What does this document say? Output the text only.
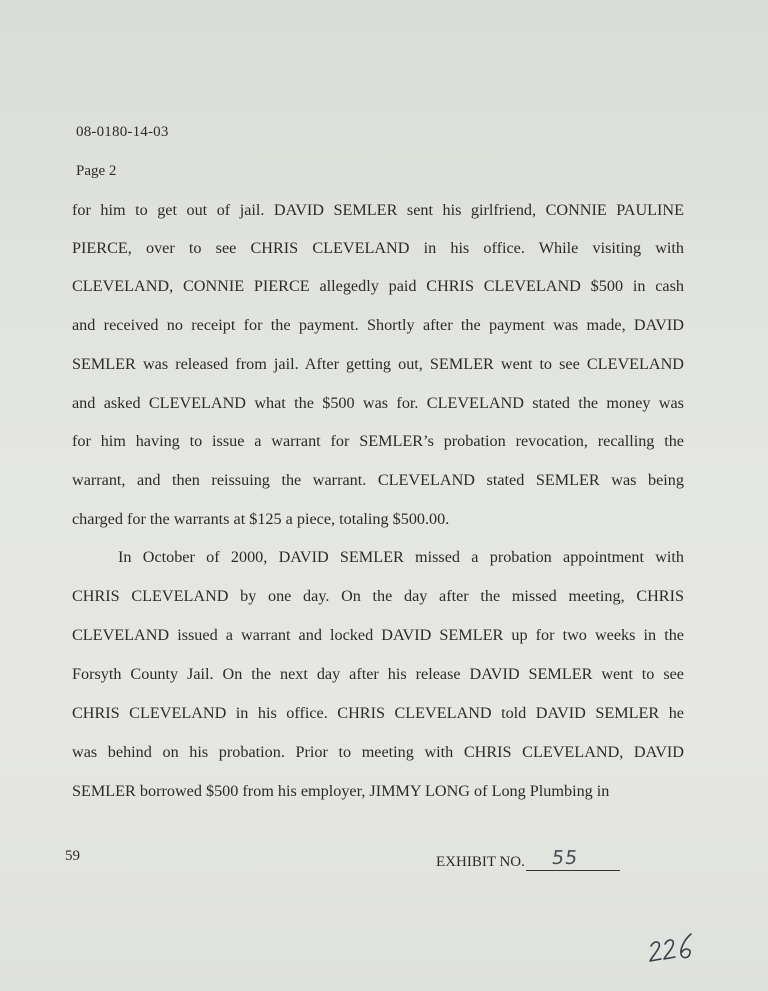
08-0180-14-03
Page 2
for him to get out of jail. DAVID SEMLER sent his girlfriend, CONNIE PAULINE
PIERCE, over to see CHRIS CLEVELAND in his office. While visiting with
CLEVELAND, CONNIE PIERCE allegedly paid CHRIS CLEVELAND $500 in cash
and received no receipt for the payment. Shortly after the payment was made, DAVID
SEMLER was released from jail. After getting out, SEMLER went to see CLEVELAND
and asked CLEVELAND what the $500 was for. CLEVELAND stated the money was
for him having to issue a warrant for SEMLER’s probation revocation, recalling the
warrant, and then reissuing the warrant. CLEVELAND stated SEMLER was being
charged for the warrants at $125 a piece, totaling $500.00.
In October of 2000, DAVID SEMLER missed a probation appointment with
CHRIS CLEVELAND by one day. On the day after the missed meeting, CHRIS
CLEVELAND issued a warrant and locked DAVID SEMLER up for two weeks in the
Forsyth County Jail. On the next day after his release DAVID SEMLER went to see
CHRIS CLEVELAND in his office. CHRIS CLEVELAND told DAVID SEMLER he
was behind on his probation. Prior to meeting with CHRIS CLEVELAND, DAVID
SEMLER borrowed $500 from his employer, JIMMY LONG of Long Plumbing in
59	EXHIBIT NO. 55
